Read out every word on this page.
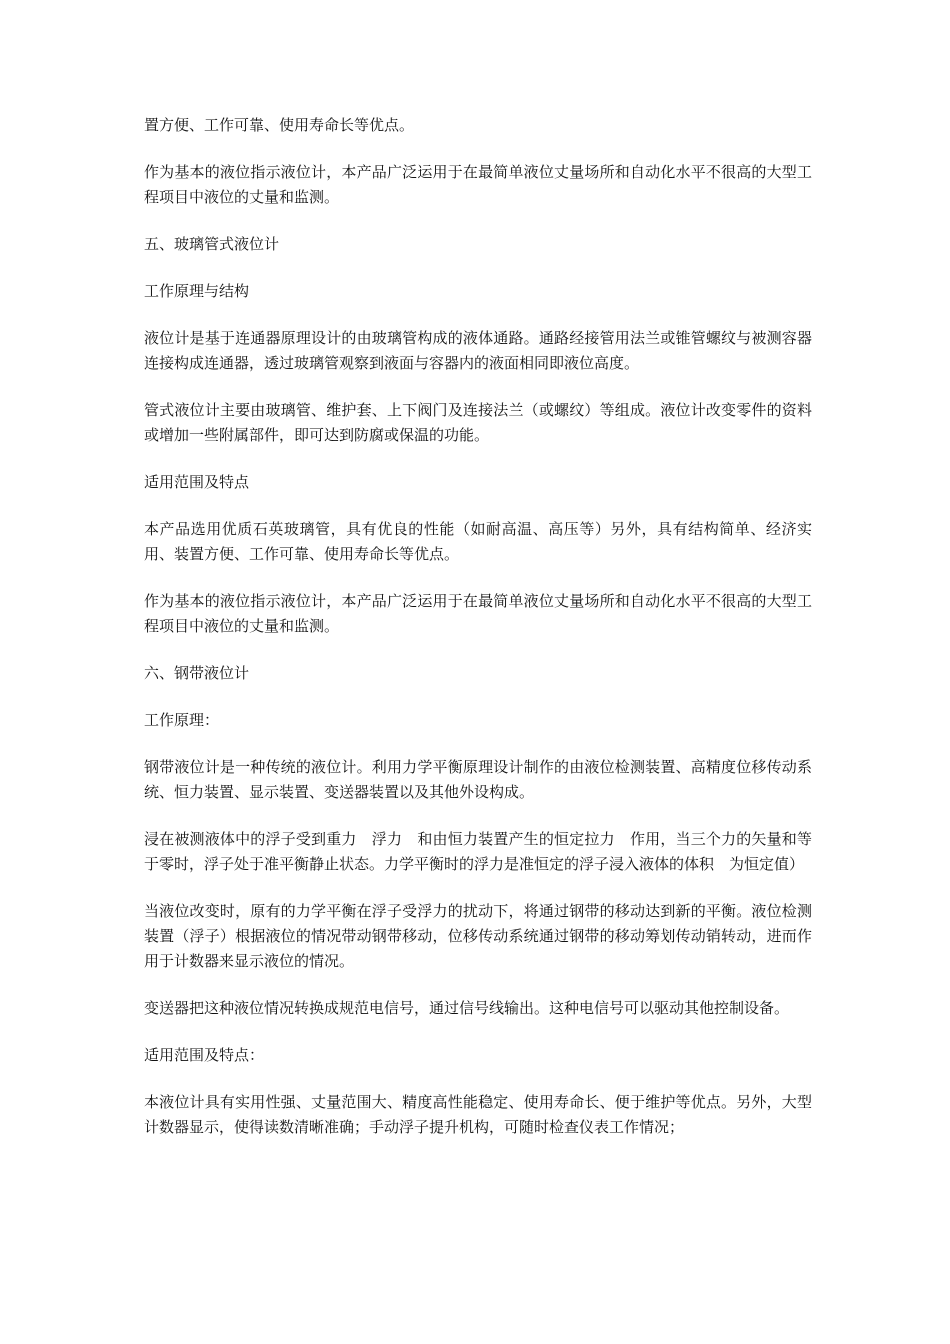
置方便、工作可靠、使用寿命长等优点。

作为基本的液位指示液位计，本产品广泛运用于在最简单液位丈量场所和自动化水平不很高的大型工程项目中液位的丈量和监测。

五、玻璃管式液位计

工作原理与结构

液位计是基于连通器原理设计的由玻璃管构成的液体通路。通路经接管用法兰或锥管螺纹与被测容器连接构成连通器，透过玻璃管观察到液面与容器内的液面相同即液位高度。

管式液位计主要由玻璃管、维护套、上下阀门及连接法兰（或螺纹）等组成。液位计改变零件的资料或增加一些附属部件，即可达到防腐或保温的功能。

适用范围及特点

本产品选用优质石英玻璃管，具有优良的性能（如耐高温、高压等）另外，具有结构简单、经济实用、装置方便、工作可靠、使用寿命长等优点。

作为基本的液位指示液位计，本产品广泛运用于在最简单液位丈量场所和自动化水平不很高的大型工程项目中液位的丈量和监测。

六、钢带液位计

工作原理：

钢带液位计是一种传统的液位计。利用力学平衡原理设计制作的由液位检测装置、高精度位移传动系统、恒力装置、显示装置、变送器装置以及其他外设构成。

浸在被测液体中的浮子受到重力　浮力　和由恒力装置产生的恒定拉力　作用，当三个力的矢量和等于零时，浮子处于准平衡静止状态。力学平衡时的浮力是准恒定的浮子浸入液体的体积　为恒定值）

当液位改变时，原有的力学平衡在浮子受浮力的扰动下，将通过钢带的移动达到新的平衡。液位检测装置（浮子）根据液位的情况带动钢带移动，位移传动系统通过钢带的移动筹划传动销转动，进而作用于计数器来显示液位的情况。

变送器把这种液位情况转换成规范电信号，通过信号线输出。这种电信号可以驱动其他控制设备。

适用范围及特点：

本液位计具有实用性强、丈量范围大、精度高性能稳定、使用寿命长、便于维护等优点。另外，大型计数器显示，使得读数清晰准确；手动浮子提升机构，可随时检查仪表工作情况；
